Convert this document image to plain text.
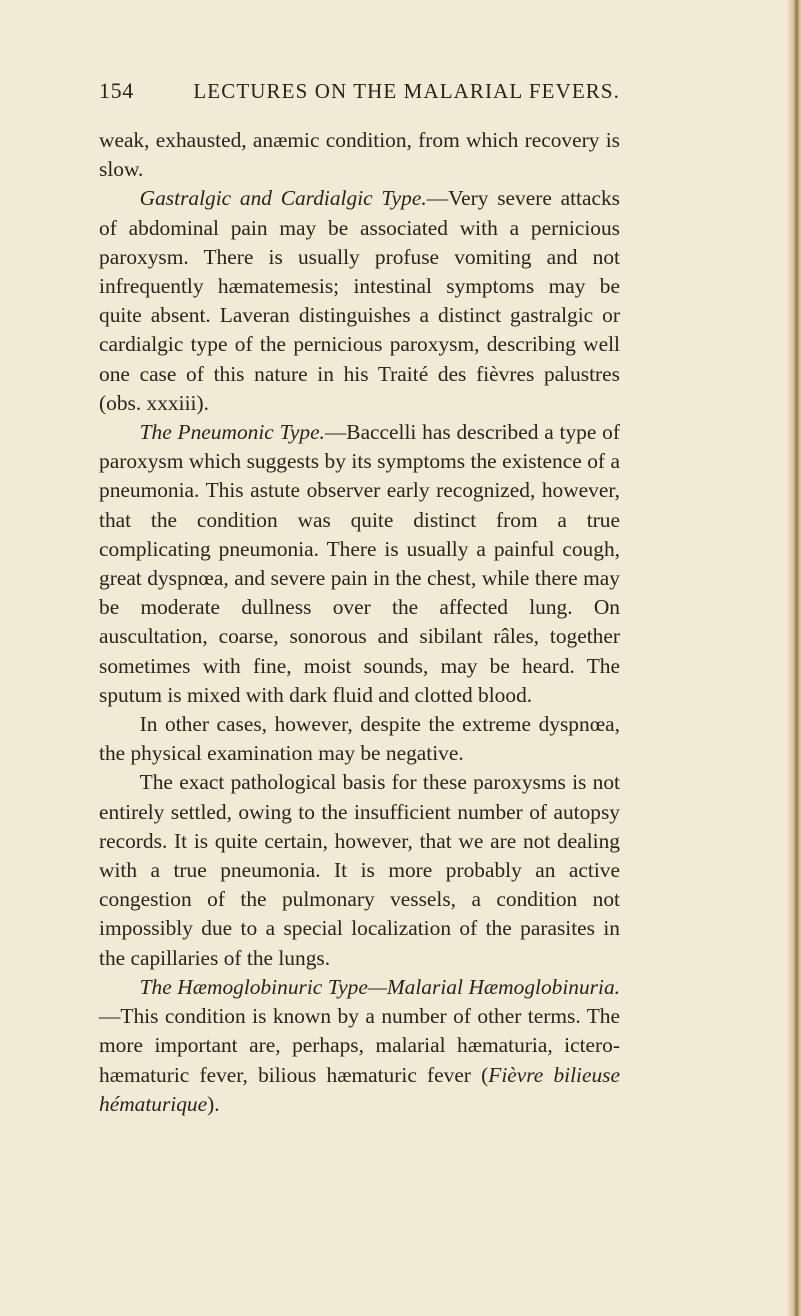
154	LECTURES ON THE MALARIAL FEVERS.

weak, exhausted, anæmic condition, from which recovery is slow.

Gastralgic and Cardialgic Type.—Very severe attacks of abdominal pain may be associated with a pernicious paroxysm. There is usually profuse vomiting and not infrequently hæmatemesis; intestinal symptoms may be quite absent. Laveran distinguishes a distinct gastralgic or cardialgic type of the pernicious paroxysm, describing well one case of this nature in his Traité des fièvres palustres (obs. xxxiii).

The Pneumonic Type.—Baccelli has described a type of paroxysm which suggests by its symptoms the existence of a pneumonia. This astute observer early recognized, however, that the condition was quite distinct from a true complicating pneumonia. There is usually a painful cough, great dyspnœa, and severe pain in the chest, while there may be moderate dullness over the affected lung. On auscultation, coarse, sonorous and sibilant râles, together sometimes with fine, moist sounds, may be heard. The sputum is mixed with dark fluid and clotted blood.

In other cases, however, despite the extreme dyspnœa, the physical examination may be negative.

The exact pathological basis for these paroxysms is not entirely settled, owing to the insufficient number of autopsy records. It is quite certain, however, that we are not dealing with a true pneumonia. It is more probably an active congestion of the pulmonary vessels, a condition not impossibly due to a special localization of the parasites in the capillaries of the lungs.

The Hæmoglobinuric Type—Malarial Hæmoglobinuria.—This condition is known by a number of other terms. The more important are, perhaps, malarial hæmaturia, ictero-hæmaturic fever, bilious hæmaturic fever (Fièvre bilieuse hématurique).
